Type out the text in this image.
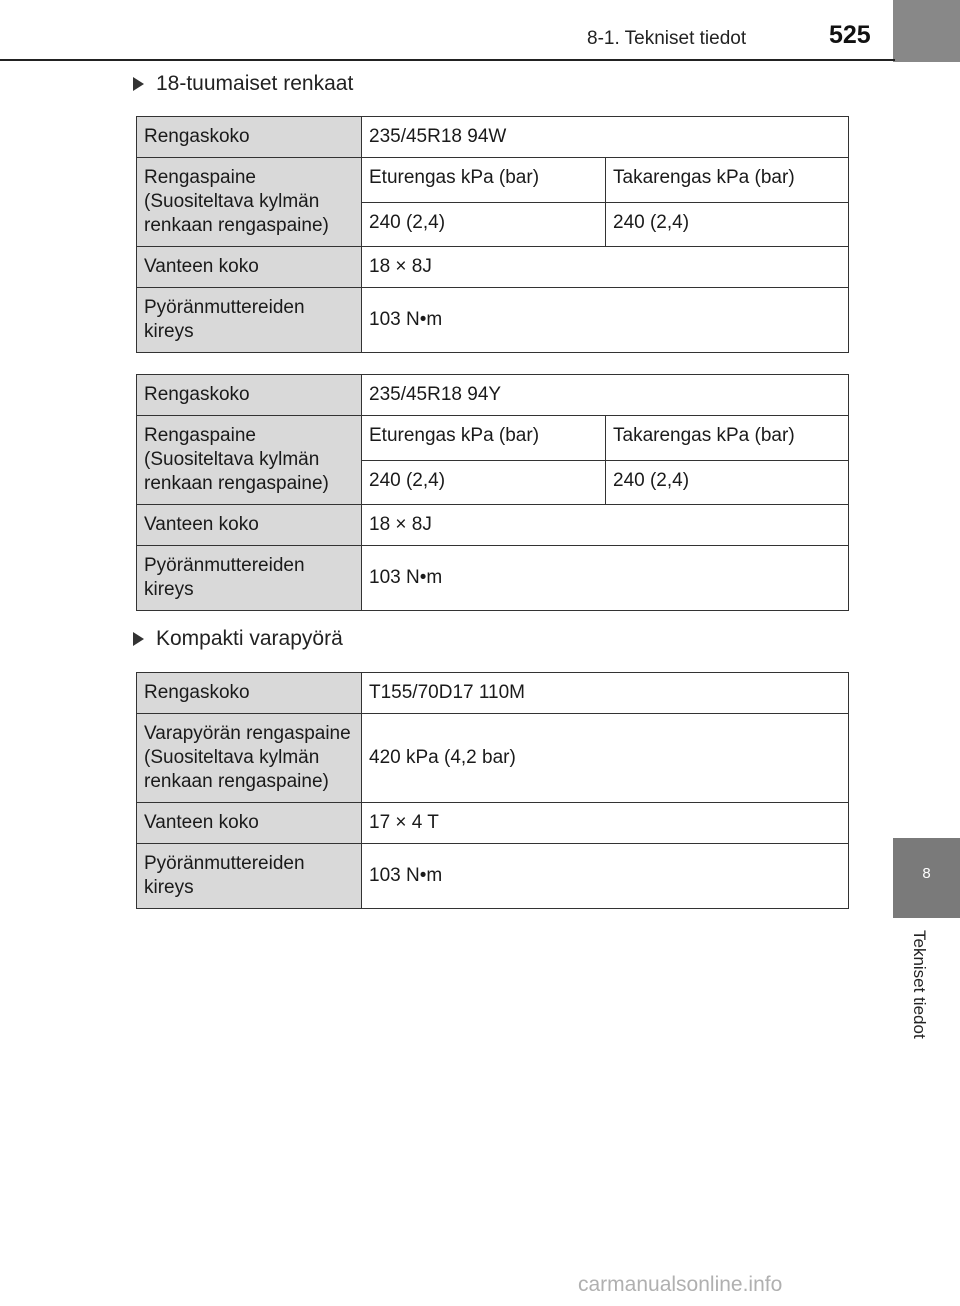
8-1. Tekniset tiedot	525
18-tuumaiset renkaat
Rengaskoko	235/45R18 94W	
Rengaspaine (Suositeltava kylmän renkaan rengaspaine)	Eturengas kPa (bar)	Takarengas kPa (bar)
	240 (2,4)	240 (2,4)
Vanteen koko	18 × 8J	
Pyöränmuttereiden kireys	103 N•m	
Rengaskoko	235/45R18 94Y	
Rengaspaine (Suositeltava kylmän renkaan rengaspaine)	Eturengas kPa (bar)	Takarengas kPa (bar)
	240 (2,4)	240 (2,4)
Vanteen koko	18 × 8J	
Pyöränmuttereiden kireys	103 N•m	
Kompakti varapyörä
Rengaskoko	T155/70D17 110M
Varapyörän rengaspaine (Suositeltava kylmän renkaan rengaspaine)	420 kPa (4,2 bar)
Vanteen koko	17 × 4 T
Pyöränmuttereiden kireys	103 N•m	8
Tekniset tiedot
carmanualsonline.info
